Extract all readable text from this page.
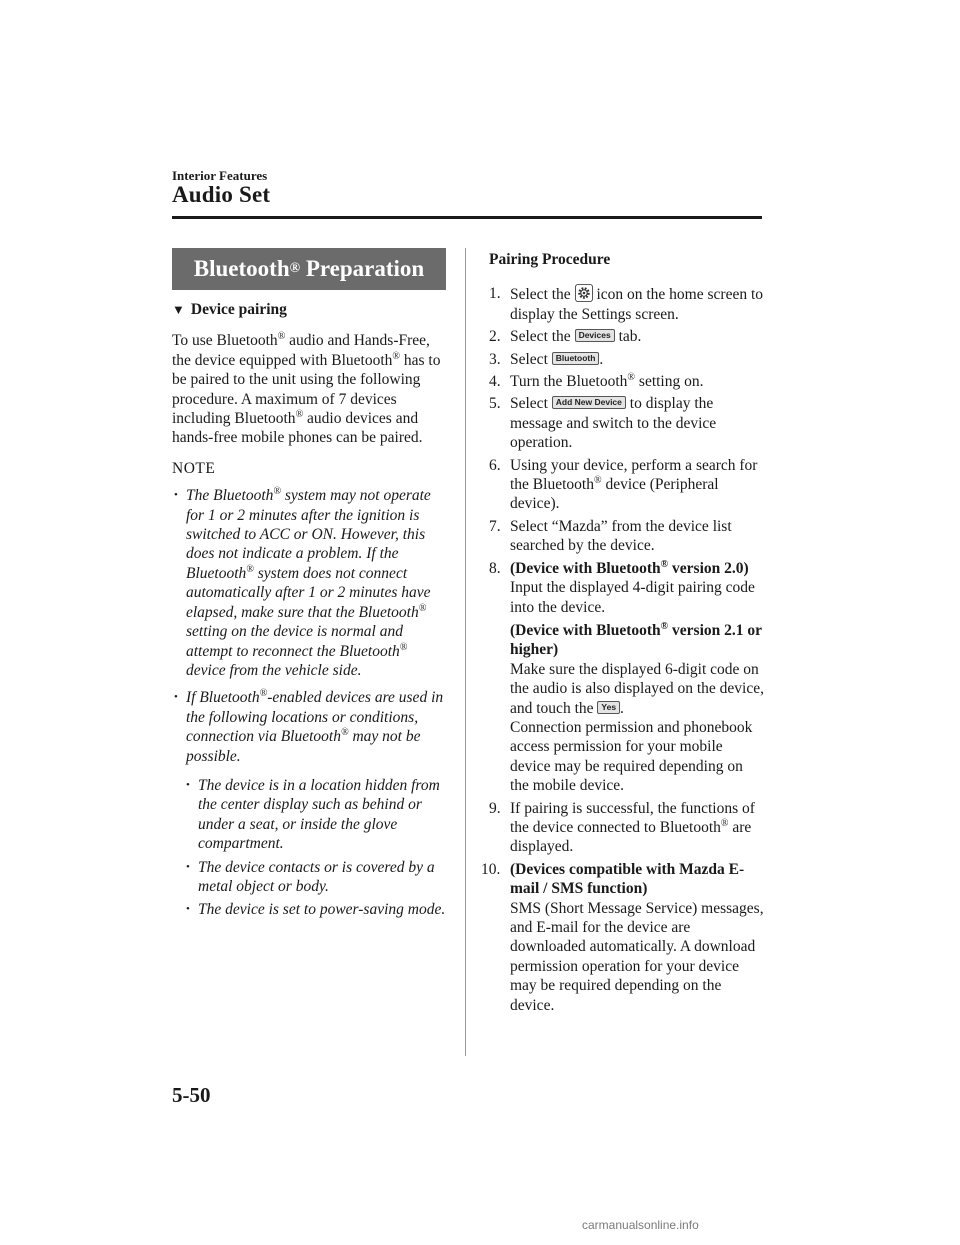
Interior Features
Audio Set
Bluetooth ® Preparation

▼ Device pairing

To use Bluetooth® audio and Hands-Free, the device equipped with Bluetooth® has to be paired to the unit using the following procedure. A maximum of 7 devices including Bluetooth® audio devices and hands-free mobile phones can be paired.

NOTE

• The Bluetooth® system may not operate for 1 or 2 minutes after the ignition is switched to ACC or ON. However, this does not indicate a problem. If the Bluetooth® system does not connect automatically after 1 or 2 minutes have elapsed, make sure that the Bluetooth® setting on the device is normal and attempt to reconnect the Bluetooth® device from the vehicle side.

• If Bluetooth®-enabled devices are used in the following locations or conditions, connection via Bluetooth® may not be possible.

• The device is in a location hidden from the center display such as behind or under a seat, or inside the glove compartment.

• The device contacts or is covered by a metal object or body.

• The device is set to power-saving mode.

Pairing Procedure

1. Select the  icon on the home screen to display the Settings screen.
2. Select the Devices tab.
3. Select Bluetooth .
4. Turn the Bluetooth® setting on.
5. Select Add New Device to display the message and switch to the device operation.
6. Using your device, perform a search for the Bluetooth® device (Peripheral device).
7. Select “Mazda” from the device list searched by the device.
8. (Device with Bluetooth® version 2.0)

Input the displayed 4-digit pairing code into the device.

(Device with Bluetooth® version 2.1 or higher)

Make sure the displayed 6-digit code on the audio is also displayed on the device, and touch the Yes .

Connection permission and phonebook access permission for your mobile device may be required depending on the mobile device.

9. If pairing is successful, the functions of the device connected to Bluetooth® are displayed.
10. (Devices compatible with Mazda E-mail / SMS function)

SMS (Short Message Service) messages, and E-mail for the device are downloaded automatically. A download permission operation for your device may be required depending on the device.

5-50
carmanualsonline.info
